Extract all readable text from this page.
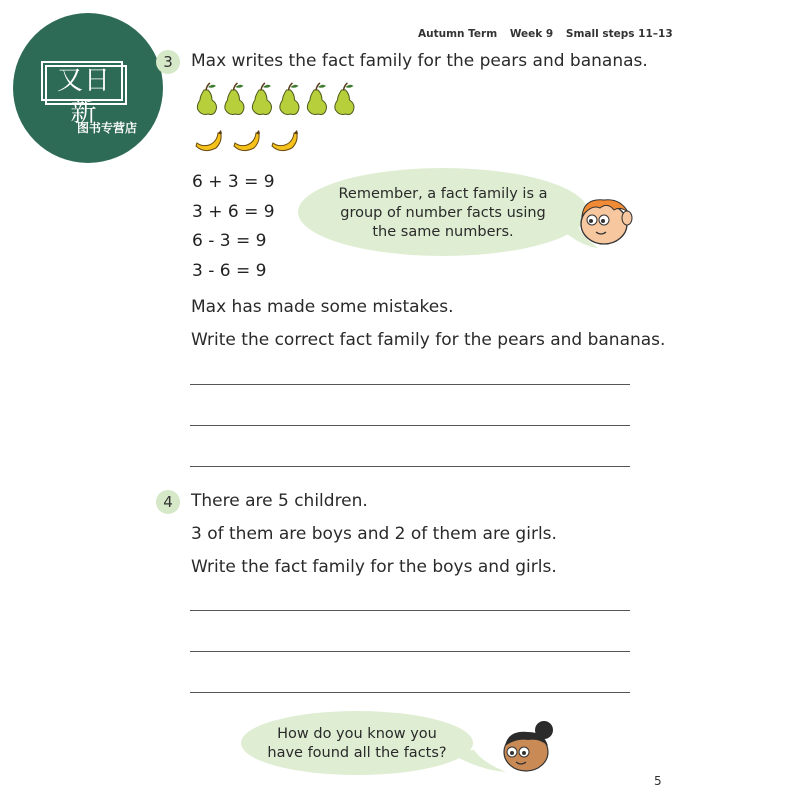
Autumn Term Week 9 Small steps 11–13
又日新
图书专营店
3	Max writes the fact family for the pears and bananas.
6 + 3 = 9
3 + 6 = 9
6 - 3 = 9
3 - 6 = 9
Remember, a fact family is a
group of number facts using
the same numbers.
Max has made some mistakes.
Write the correct fact family for the pears and bananas.
4	There are 5 children.
3 of them are boys and 2 of them are girls.
Write the fact family for the boys and girls.
How do you know you
have found all the facts?
5
